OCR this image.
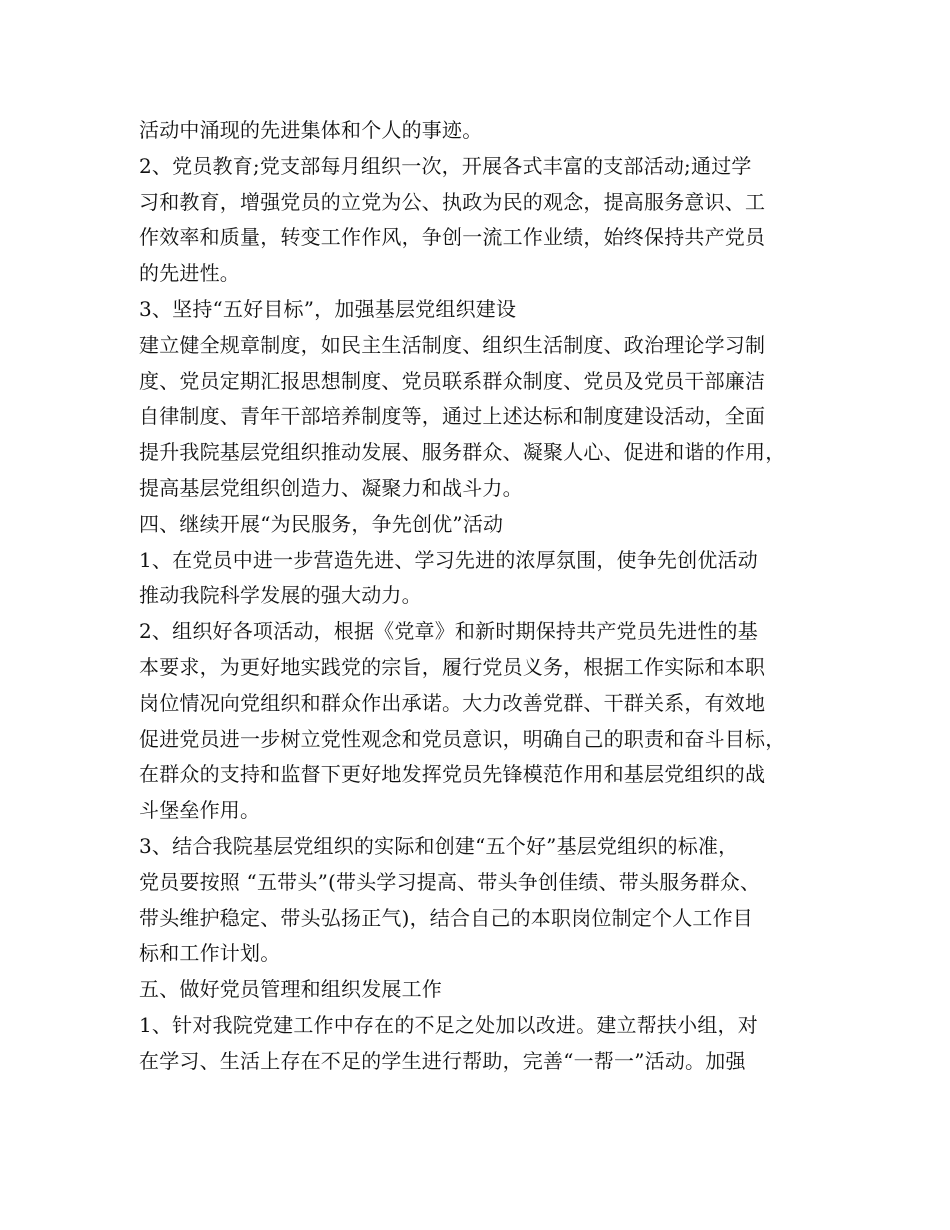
活动中涌现的先进集体和个人的事迹。
2、党员教育;党支部每月组织一次，开展各式丰富的支部活动;通过学
习和教育，增强党员的立党为公、执政为民的观念，提高服务意识、工
作效率和质量，转变工作作风，争创一流工作业绩，始终保持共产党员
的先进性。
3、坚持“五好目标”，加强基层党组织建设
建立健全规章制度，如民主生活制度、组织生活制度、政治理论学习制
度、党员定期汇报思想制度、党员联系群众制度、党员及党员干部廉洁
自律制度、青年干部培养制度等，通过上述达标和制度建设活动，全面
提升我院基层党组织推动发展、服务群众、凝聚人心、促进和谐的作用，
提高基层党组织创造力、凝聚力和战斗力。
四、继续开展“为民服务，争先创优”活动
1、在党员中进一步营造先进、学习先进的浓厚氛围，使争先创优活动
推动我院科学发展的强大动力。
2、组织好各项活动，根据《党章》和新时期保持共产党员先进性的基
本要求，为更好地实践党的宗旨，履行党员义务，根据工作实际和本职
岗位情况向党组织和群众作出承诺。大力改善党群、干群关系，有效地
促进党员进一步树立党性观念和党员意识，明确自己的职责和奋斗目标，
在群众的支持和监督下更好地发挥党员先锋模范作用和基层党组织的战
斗堡垒作用。
3、结合我院基层党组织的实际和创建“五个好”基层党组织的标准，
党员要按照 “五带头”(带头学习提高、带头争创佳绩、带头服务群众、
带头维护稳定、带头弘扬正气)，结合自己的本职岗位制定个人工作目
标和工作计划。
五、做好党员管理和组织发展工作
1、针对我院党建工作中存在的不足之处加以改进。建立帮扶小组，对
在学习、生活上存在不足的学生进行帮助，完善“一帮一”活动。加强
